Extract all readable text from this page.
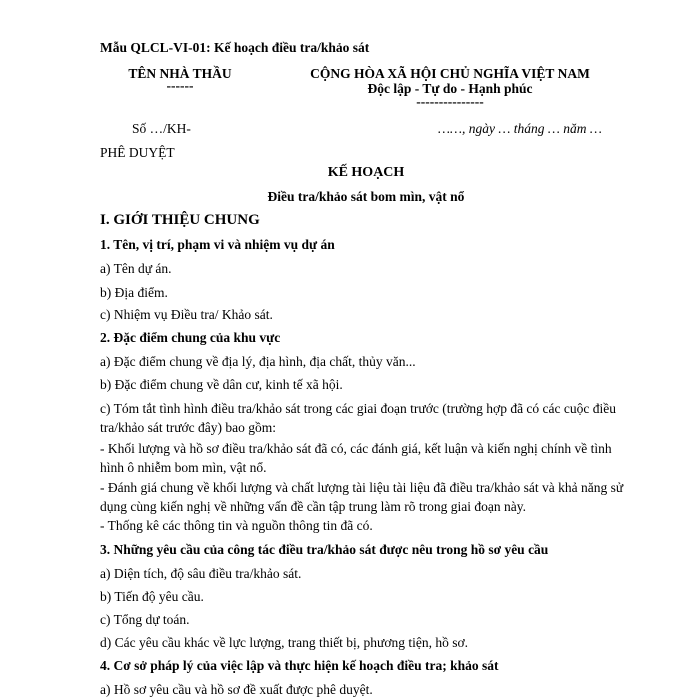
Mẫu QLCL-VI-01: Kế hoạch điều tra/khảo sát
TÊN NHÀ THẦU
------
CỘNG HÒA XÃ HỘI CHỦ NGHĨA VIỆT NAM
Độc lập - Tự do - Hạnh phúc
---------------
Số …/KH-	……, ngày … tháng … năm …
PHÊ DUYỆT
KẾ HOẠCH
Điều tra/khảo sát bom mìn, vật nổ
I. GIỚI THIỆU CHUNG
1. Tên, vị trí, phạm vi và nhiệm vụ dự án
a) Tên dự án.
b) Địa điểm.
c) Nhiệm vụ Điều tra/ Khảo sát.
2. Đặc điểm chung của khu vực
a) Đặc điểm chung về địa lý, địa hình, địa chất, thủy văn...
b) Đặc điểm chung về dân cư, kinh tế xã hội.
c) Tóm tắt tình hình điều tra/khảo sát trong các giai đoạn trước (trường hợp đã có các cuộc điều tra/khảo sát trước đây) bao gồm:
- Khối lượng và hồ sơ điều tra/khảo sát đã có, các đánh giá, kết luận và kiến nghị chính về tình hình ô nhiễm bom mìn, vật nổ.
- Đánh giá chung về khối lượng và chất lượng tài liệu tài liệu đã điều tra/khảo sát và khả năng sử dụng cùng kiến nghị về những vấn đề cần tập trung làm rõ trong giai đoạn này.
- Thống kê các thông tin và nguồn thông tin đã có.
3. Những yêu cầu của công tác điều tra/khảo sát được nêu trong hồ sơ yêu cầu
a) Diện tích, độ sâu điều tra/khảo sát.
b) Tiến độ yêu cầu.
c) Tổng dự toán.
d) Các yêu cầu khác về lực lượng, trang thiết bị, phương tiện, hồ sơ.
4. Cơ sở pháp lý của việc lập và thực hiện kế hoạch điều tra; khảo sát
a) Hồ sơ yêu cầu và hồ sơ đề xuất được phê duyệt.
